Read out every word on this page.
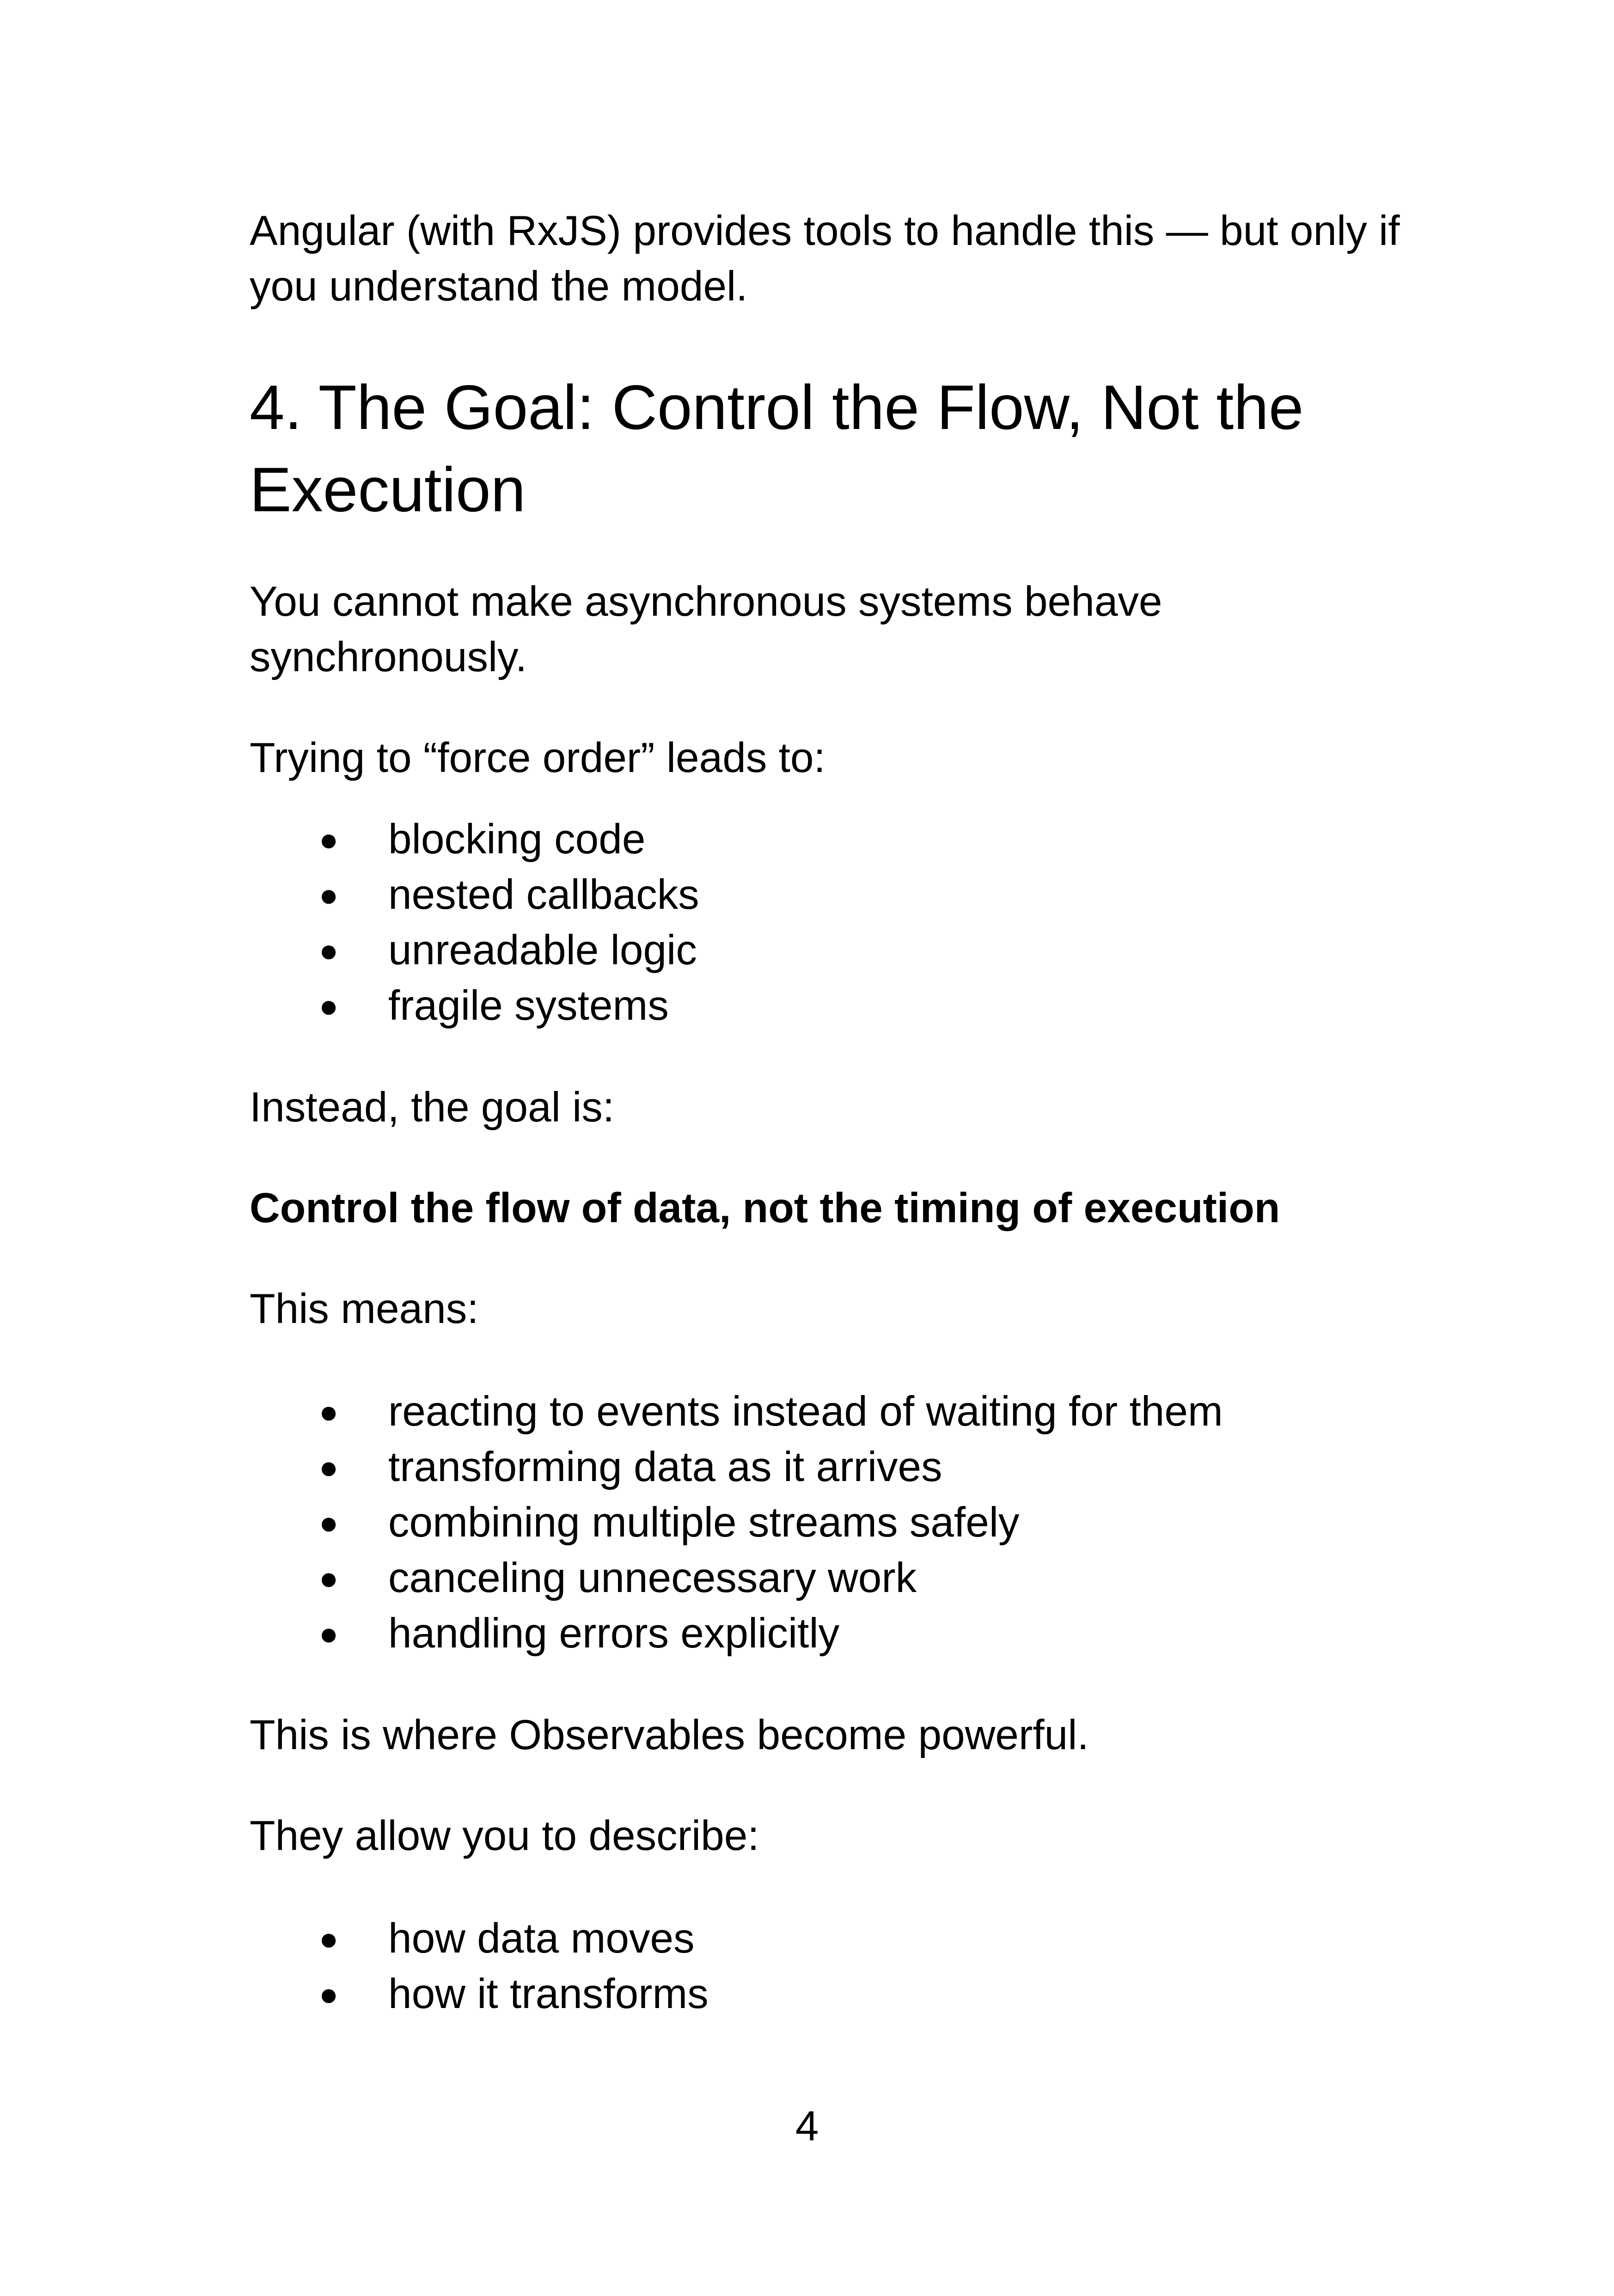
Angular (with RxJS) provides tools to handle this — but only if
you understand the model.

4. The Goal: Control the Flow, Not the
Execution

You cannot make asynchronous systems behave
synchronously.

Trying to “force order” leads to:

● blocking code
● nested callbacks
● unreadable logic
● fragile systems

Instead, the goal is:

Control the flow of data, not the timing of execution

This means:

● reacting to events instead of waiting for them
● transforming data as it arrives
● combining multiple streams safely
● canceling unnecessary work
● handling errors explicitly

This is where Observables become powerful.

They allow you to describe:

● how data moves
● how it transforms
4
